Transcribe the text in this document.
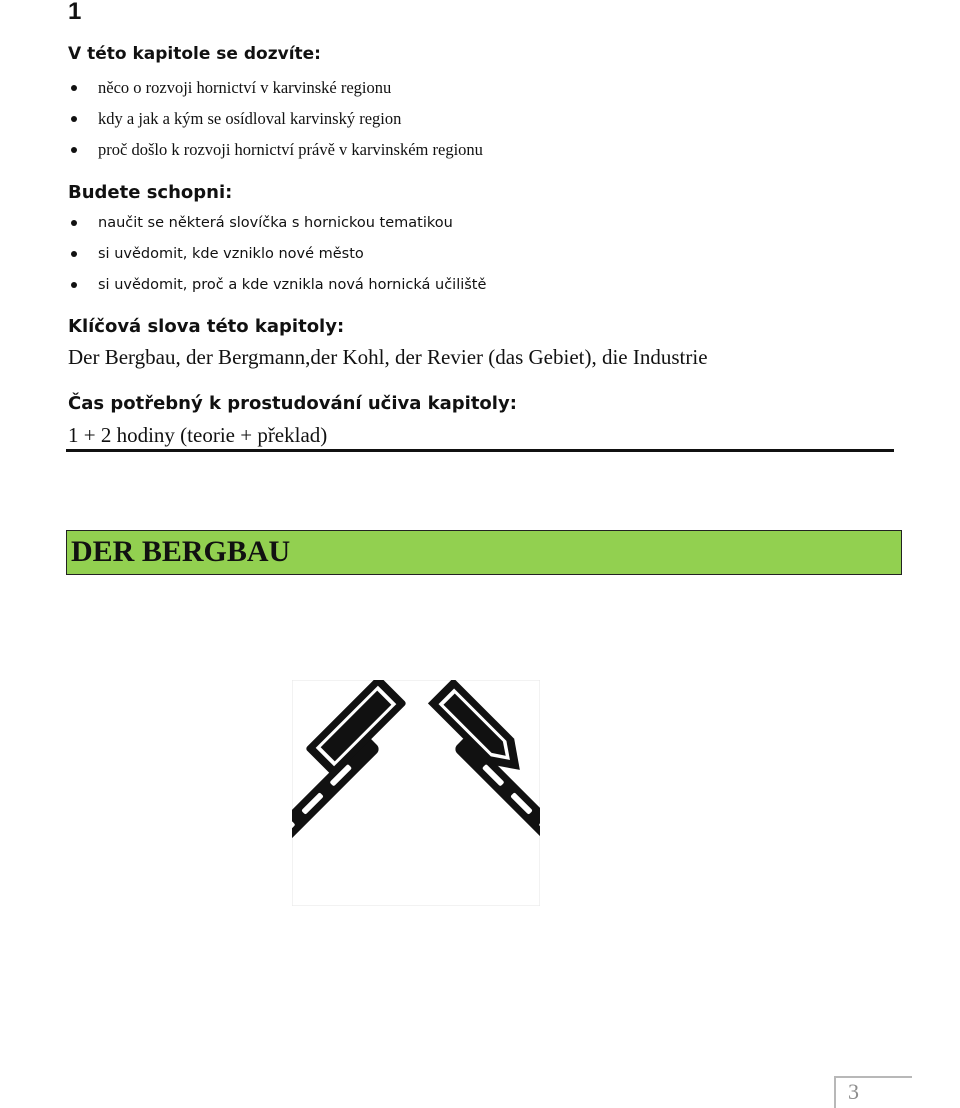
1
V této kapitole se dozvíte:
něco o rozvoji hornictví v karvinské regionu
kdy a jak a kým se osídloval karvinský region
proč došlo k rozvoji hornictví právě v karvinském regionu
Budete schopni:
naučit se některá slovíčka s hornickou tematikou
si uvědomit, kde vzniklo nové město
si uvědomit, proč a kde vznikla nová hornická učiliště
Klíčová slova této kapitoly:
Der Bergbau, der Bergmann,der Kohl, der Revier (das Gebiet), die Industrie
Čas potřebný k prostudování učiva kapitoly:
1 + 2 hodiny (teorie + překlad)
DER BERGBAU
3
